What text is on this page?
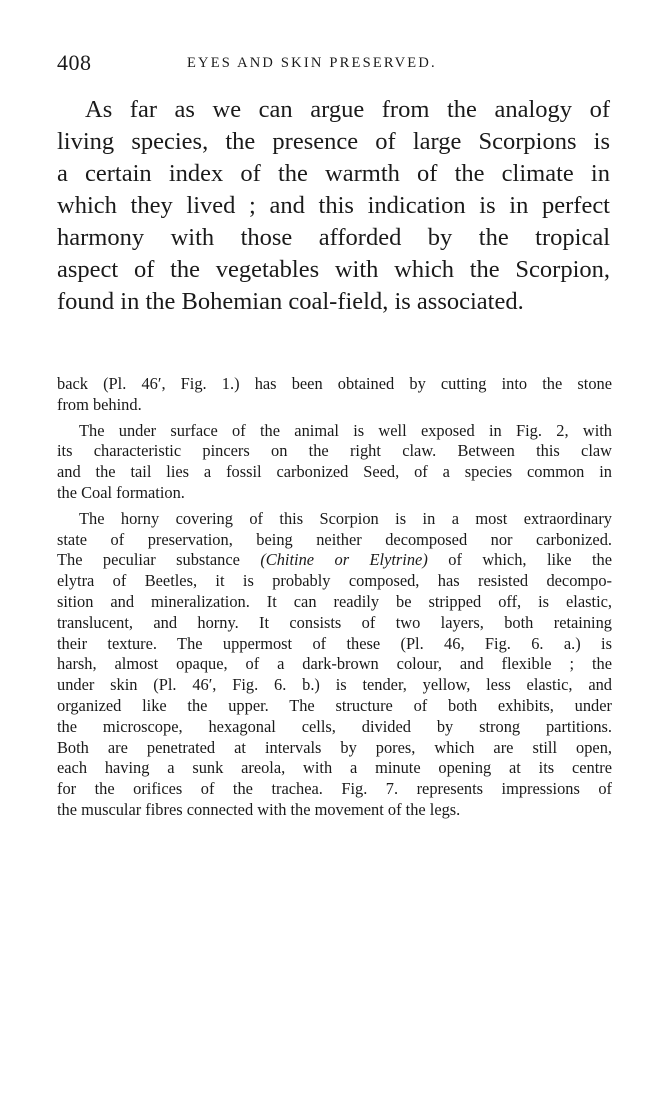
408	EYES AND SKIN PRESERVED.
As far as we can argue from the analogy of
living species, the presence of large Scorpions is
a certain index of the warmth of the climate in
which they lived ; and this indication is in perfect
harmony with those afforded by the tropical
aspect of the vegetables with which the Scorpion,
found in the Bohemian coal-field, is associated.
back (Pl. 46′, Fig. 1.) has been obtained by cutting into the stone
from behind.
The under surface of the animal is well exposed in Fig. 2, with
its characteristic pincers on the right claw. Between this claw
and the tail lies a fossil carbonized Seed, of a species common in
the Coal formation.
The horny covering of this Scorpion is in a most extraordinary
state of preservation, being neither decomposed nor carbonized.
The peculiar substance (Chitine or Elytrine) of which, like the
elytra of Beetles, it is probably composed, has resisted decompo-
sition and mineralization. It can readily be stripped off, is elastic,
translucent, and horny. It consists of two layers, both retaining
their texture. The uppermost of these (Pl. 46, Fig. 6. a.) is
harsh, almost opaque, of a dark-brown colour, and flexible ; the
under skin (Pl. 46′, Fig. 6. b.) is tender, yellow, less elastic, and
organized like the upper. The structure of both exhibits, under
the microscope, hexagonal cells, divided by strong partitions.
Both are penetrated at intervals by pores, which are still open,
each having a sunk areola, with a minute opening at its centre
for the orifices of the trachea. Fig. 7. represents impressions of
the muscular fibres connected with the movement of the legs.
